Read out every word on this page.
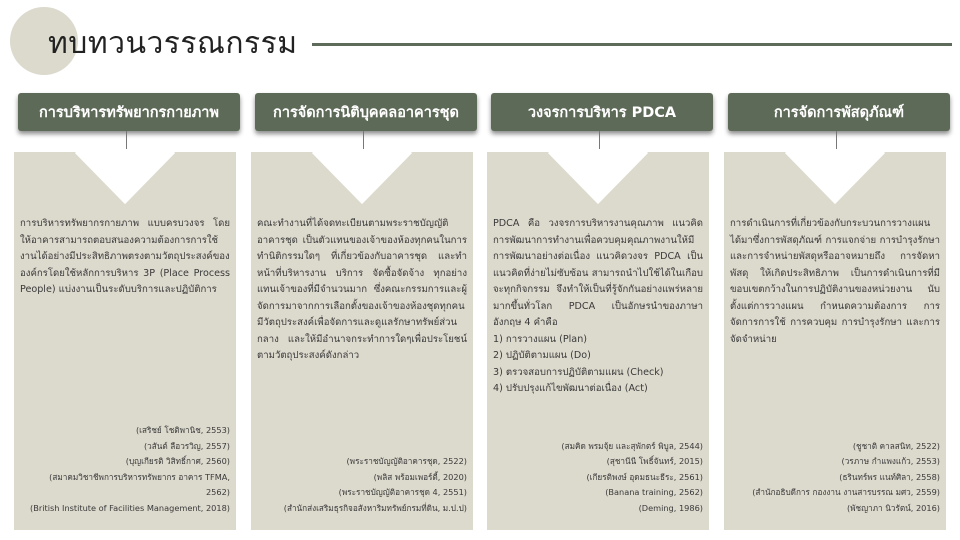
ทบทวนวรรณกรรม
การบริหารทรัพยากรกายภาพ

การบริหารทรัพยากรกายภาพ แบบครบวงจร โดยให้อาคารสามารถตอบสนองความต้องการการใช้งานได้อย่างมีประสิทธิภาพตรงตามวัตถุประสงค์ขององค์กรโดยใช้หลักการบริหาร 3P (Place Process People) แบ่งงานเป็นระดับบริการและปฏิบัติการ

(เสริชย์ โชติพานิช, 2553)
(วสันต์ ลือวรวิญ, 2557)
(บุญเกียรติ วิสิทธิ์กาศ, 2560)
(สมาคมวิชาชีพการบริหารทรัพยากร อาคาร TFMA, 2562)
(British Institute of Facilities Management, 2018)
การจัดการนิติบุคคลอาคารชุด

คณะทำงานที่ได้จดทะเบียนตามพระราชบัญญัติอาคารชุด เป็นตัวแทนของเจ้าของห้องทุกคนในการทำนิติกรรมใดๆ ที่เกี่ยวข้องกับอาคารชุด และทำหน้าที่บริหารงาน บริการ จัดซื้อจัดจ้าง ทุกอย่างแทนเจ้าของที่มีจำนวนมาก ซึ่งคณะกรรมการและผู้จัดการมาจากการเลือกตั้งของเจ้าของห้องชุดทุกคน

มีวัตถุประสงค์เพื่อจัดการและดูแลรักษาทรัพย์ส่วนกลาง และให้มีอำนาจกระทำการใดๆเพื่อประโยชน์ตามวัตถุประสงค์ดังกล่าว

(พระราชบัญญัติอาคารชุด, 2522)
(พลิส พร้อมเพอร์ตี้, 2020)
(พระราชบัญญัติอาคารชุด 4, 2551)
(สำนักส่งเสริมธุรกิจอสังหาริมทรัพย์กรมที่ดิน, ม.ป.ป)
วงจรการบริหาร PDCA

PDCA คือ วงจรการบริหารงานคุณภาพ แนวคิดการพัฒนาการทำงานเพื่อควบคุมคุณภาพงานให้มีการพัฒนาอย่างต่อเนื่อง แนวคิดวงจร PDCA เป็นแนวคิดที่ง่ายไม่ซับซ้อน สามารถนำไปใช้ได้ในเกือบจะทุกกิจกรรม จึงทำให้เป็นที่รู้จักกันอย่างแพร่หลายมากขึ้นทั่วโลก PDCA เป็นอักษรนำของภาษาอังกฤษ 4 คำคือ

1) การวางแผน (Plan)

2) ปฏิบัติตามแผน (Do)

3) ตรวจสอบการปฏิบัติตามแผน (Check)

4) ปรับปรุงแก้ไขพัฒนาต่อเนื่อง (Act)

(สมคิด พรมจุ้ย และสุพักตร์ พิบูล, 2544)
(สุชานีนี โพธิ์จันทร์, 2015)
(เกียรติพงษ์ อุดมธนะธีระ, 2561)
(Banana training, 2562)
(Deming, 1986)
การจัดการพัสดุภัณฑ์

การดำเนินการที่เกี่ยวข้องกับกระบวนการวางแผนได้มาซึ่งการพัสดุภัณฑ์ การแจกจ่าย การบำรุงรักษาและการจำหน่ายพัสดุหรืออาจหมายถึง การจัดหาพัสดุ ให้เกิดประสิทธิภาพ เป็นการดำเนินการที่มีขอบเขตกว้างในการปฏิบัติงานของหน่วยงาน นับตั้งแต่การวางแผน กำหนดความต้องการ การจัดการการใช้ การควบคุม การบำรุงรักษา และการจัดจำหน่าย

(ชูชาติ คาลสนิท, 2522)
(วรภาษ กำแพงแก้ว, 2553)
(ธรินทร์พร แนท์ศิลา, 2558)
(สำนักอธิบดีการ กองงาน งานสารบรรณ มศว, 2559)
(พัชญาภา นิวรัตน์, 2016)
